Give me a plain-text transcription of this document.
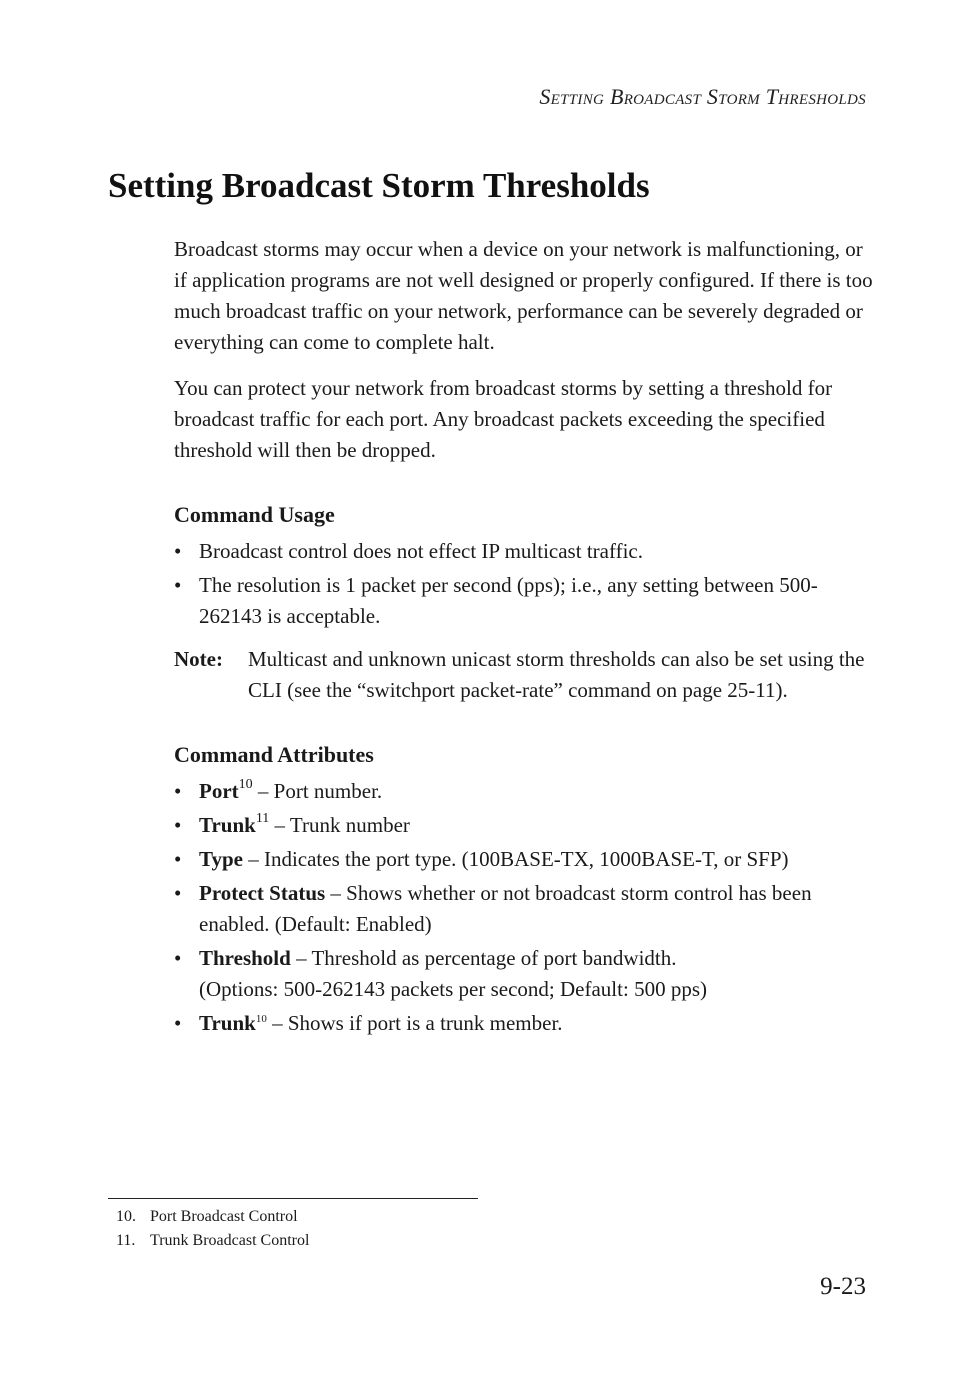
Setting Broadcast Storm Thresholds
Setting Broadcast Storm Thresholds

Broadcast storms may occur when a device on your network is malfunctioning, or if application programs are not well designed or properly configured. If there is too much broadcast traffic on your network, performance can be severely degraded or everything can come to complete halt.

You can protect your network from broadcast storms by setting a threshold for broadcast traffic for each port. Any broadcast packets exceeding the specified threshold will then be dropped.

Command Usage
• Broadcast control does not effect IP multicast traffic.
• The resolution is 1 packet per second (pps); i.e., any setting between 500-262143 is acceptable.
Note:	Multicast and unknown unicast storm thresholds can also be set using the CLI (see the “switchport packet-rate” command on page 25-11).
Command Attributes
• Port$^{10}$ – Port number.
• Trunk$^{11}$ – Trunk number
• Type – Indicates the port type. (100BASE-TX, 1000BASE-T, or SFP)
• Protect Status – Shows whether or not broadcast storm control has been enabled. (Default: Enabled)
• Threshold – Threshold as percentage of port bandwidth.
(Options: 500-262143 packets per second; Default: 500 pps)
• Trunk$^{10}$ – Shows if port is a trunk member.
10. Port Broadcast Control
11. Trunk Broadcast Control
9-23
